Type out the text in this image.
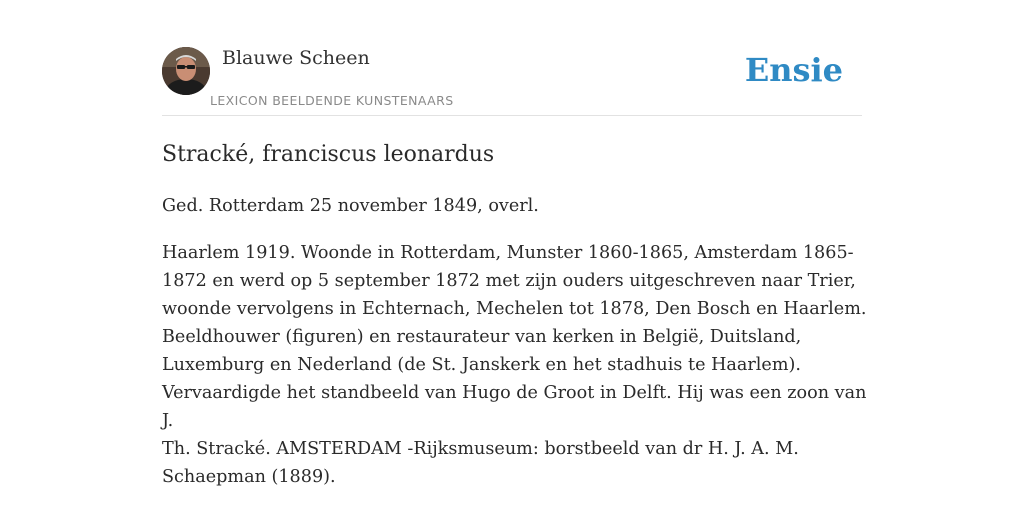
Blauwe Scheen
LEXICON BEELDENDE KUNSTENAARS
Ensie
Stracké, franciscus leonardus

Ged. Rotterdam 25 november 1849, overl.

Haarlem 1919. Woonde in Rotterdam, Munster 1860-1865, Amsterdam 1865-1872 en werd op 5 september 1872 met zijn ouders uitgeschreven naar Trier, woonde vervolgens in Echternach, Mechelen tot 1878, Den Bosch en Haarlem. Beeldhouwer (figuren) en restaurateur van kerken in België, Duitsland, Luxemburg en Nederland (de St. Janskerk en het stadhuis te Haarlem). Vervaardigde het standbeeld van Hugo de Groot in Delft. Hij was een zoon van J.

Th. Stracké. AMSTERDAM -Rijksmuseum: borstbeeld van dr H. J. A. M. Schaepman (1889).
